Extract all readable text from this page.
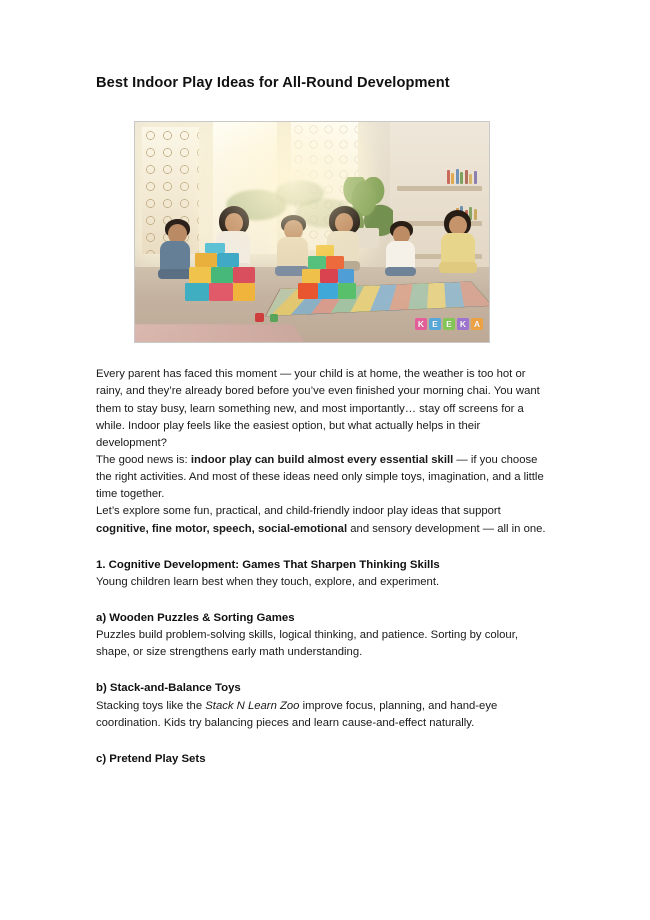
Best Indoor Play Ideas for All-Round Development
K E E K A

Every parent has faced this moment — your child is at home, the weather is too hot or rainy, and they’re already bored before you’ve even finished your morning chai. You want them to stay busy, learn something new, and most importantly… stay off screens for a while. Indoor play feels like the easiest option, but what actually helps in their development?

The good news is: indoor play can build almost every essential skill — if you choose the right activities. And most of these ideas need only simple toys, imagination, and a little time together.

Let’s explore some fun, practical, and child-friendly indoor play ideas that support cognitive, fine motor, speech, social-emotional and sensory development — all in one.

1. Cognitive Development: Games That Sharpen Thinking Skills

Young children learn best when they touch, explore, and experiment.

a) Wooden Puzzles & Sorting Games

Puzzles build problem-solving skills, logical thinking, and patience. Sorting by colour, shape, or size strengthens early math understanding.

b) Stack-and-Balance Toys

Stacking toys like the Stack N Learn Zoo improve focus, planning, and hand-eye coordination. Kids try balancing pieces and learn cause-and-effect naturally.

c) Pretend Play Sets
